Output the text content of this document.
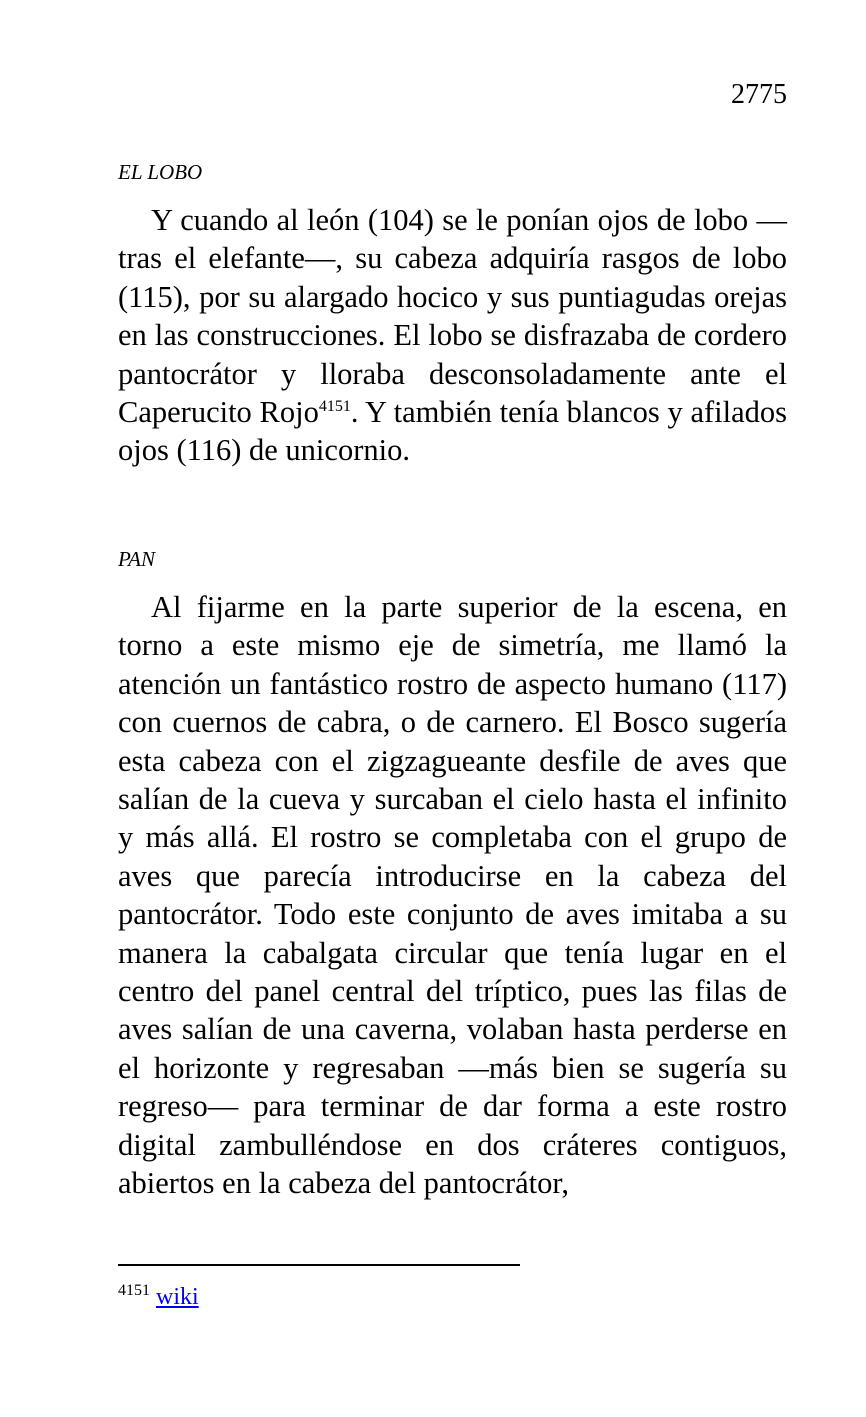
2775
EL LOBO

Y cuando al león (104) se le ponían ojos de lobo —tras el elefante—, su cabeza adquiría rasgos de lobo (115), por su alargado hocico y sus puntiagudas orejas en las construcciones. El lobo se disfrazaba de cordero pantocrátor y lloraba desconsoladamente ante el Caperucito Rojo$^{4151}$. Y también tenía blancos y afilados ojos (116) de unicornio.

PAN

Al fijarme en la parte superior de la escena, en torno a este mismo eje de simetría, me llamó la atención un fantástico rostro de aspecto humano (117) con cuernos de cabra, o de carnero. El Bosco sugería esta cabeza con el zigzagueante desfile de aves que salían de la cueva y surcaban el cielo hasta el infinito y más allá. El rostro se completaba con el grupo de aves que parecía introducirse en la cabeza del pantocrátor. Todo este conjunto de aves imitaba a su manera la cabalgata circular que tenía lugar en el centro del panel central del tríptico, pues las filas de aves salían de una caverna, volaban hasta perderse en el horizonte y regresaban —más bien se sugería su regreso— para terminar de dar forma a este rostro digital zambulléndose en dos cráteres contiguos, abiertos en la cabeza del pantocrátor,

$^{4151}$ wiki
